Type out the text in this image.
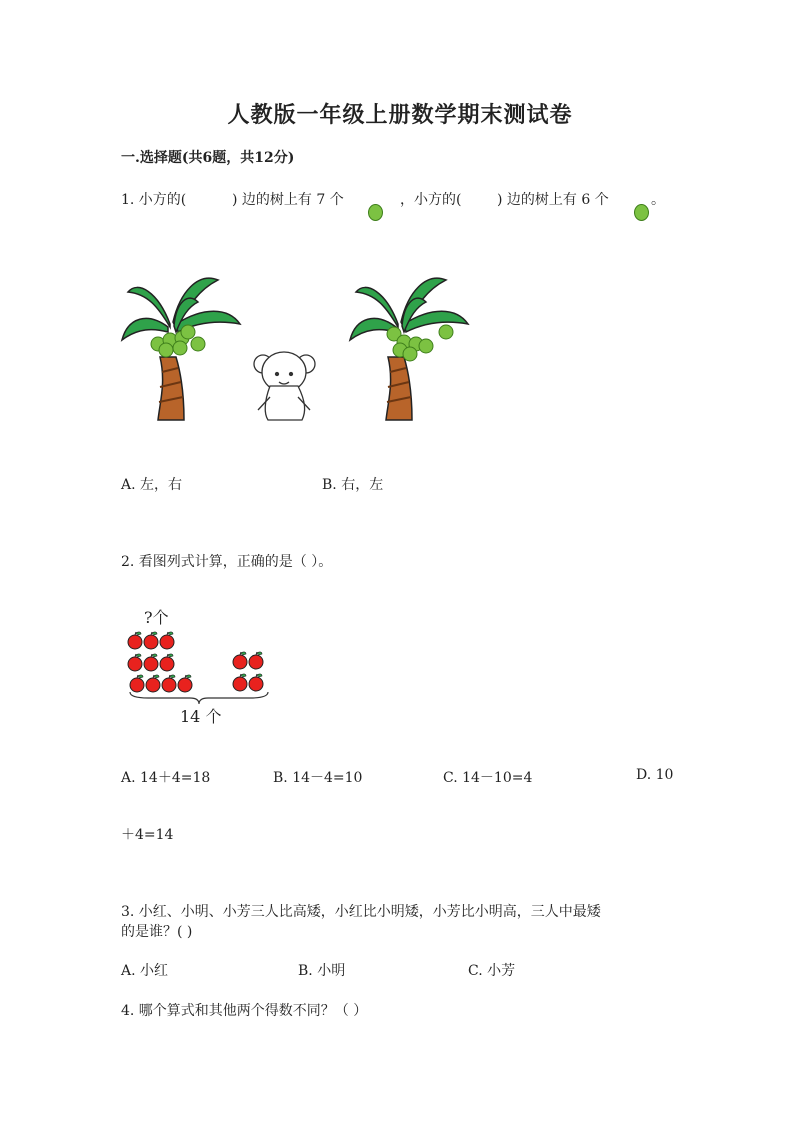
人教版一年级上册数学期末测试卷
一.选择题(共6题，共12分)
1. 小方的(	) 边的树上有 7 个	，小方的(	) 边的树上有 6 个	。
A. 左，右	B. 右，左
2. 看图列式计算，正确的是（ ）。
?个
14 个
A. 14＋4=18	B. 14－4=10	C. 14－10=4	D. 10
＋4=14
3. 小红、小明、小芳三人比高矮，小红比小明矮，小芳比小明高，三人中最矮
的是谁？( )
A. 小红	B. 小明	C. 小芳
4. 哪个算式和其他两个得数不同？（ ）
